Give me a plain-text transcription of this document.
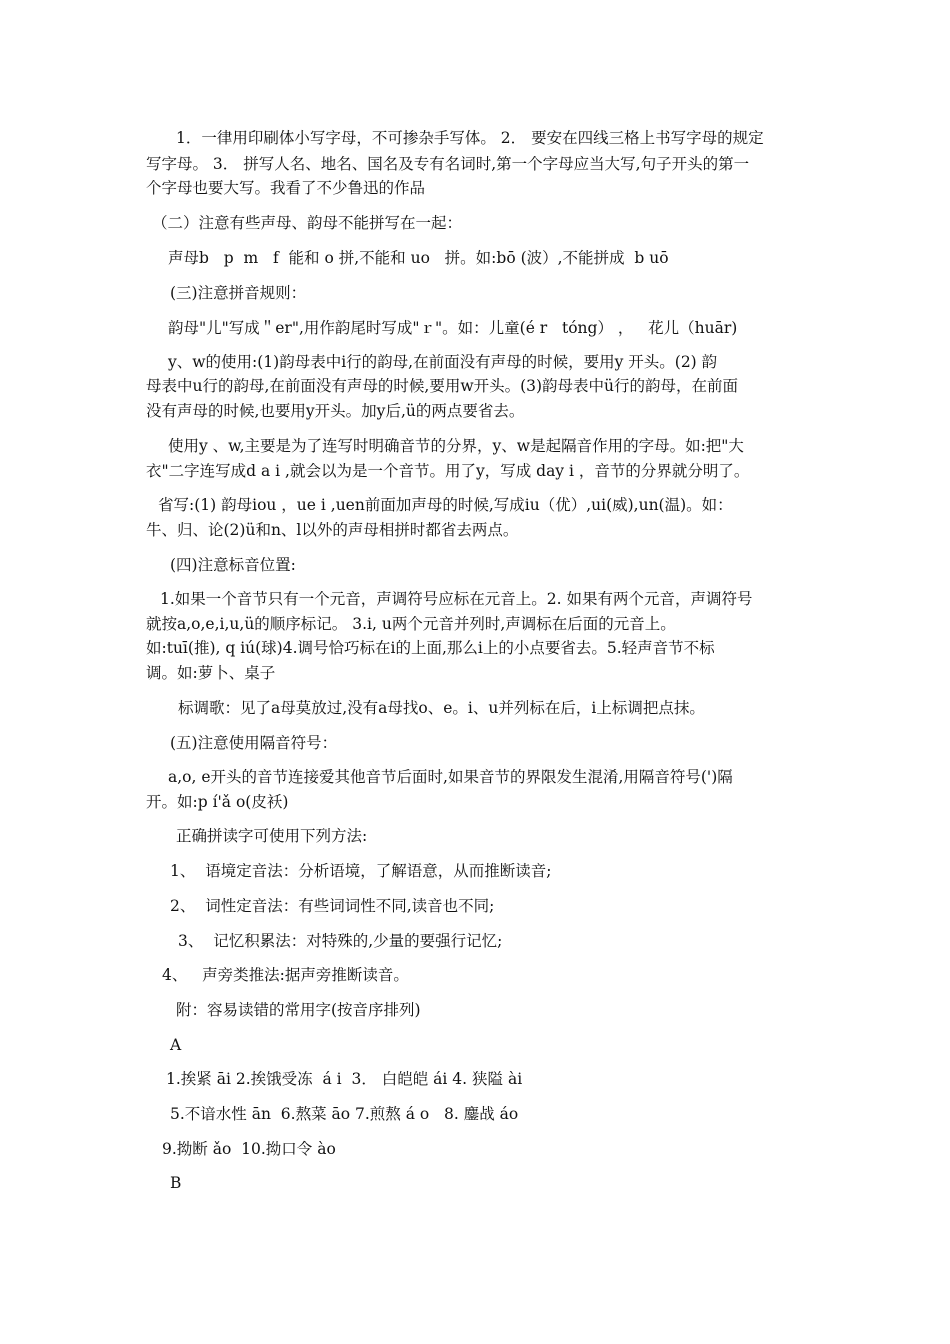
1．一律用印刷体小写字母，不可掺杂手写体。 2． 要安在四线三格上书写字母的规定
写字母。 3． 拼写人名、地名、国名及专有名词时,第一个字母应当大写,句子开头的第一
个字母也要大写。我看了不少鲁迅的作品
（二）注意有些声母、韵母不能拼写在一起：
声母b   p  m   f  能和 o 拼,不能和 uo   拼。如:bō (波）,不能拼成  b uō
(三)注意拼音规则：
韵母"儿"写成＂er",用作韵尾时写成"ｒ"。如：儿童(é r   tóng） ，   花儿（huār)
y、w的使用:(1)韵母表中i行的韵母,在前面没有声母的时候，要用y 开头。(2) 韵
母表中u行的韵母,在前面没有声母的时候,要用w开头。(3)韵母表中ü行的韵母，在前面
没有声母的时候,也要用y开头。加y后,ü的两点要省去。
使用y 、w,主要是为了连写时明确音节的分界，y、w是起隔音作用的字母。如:把"大
衣"二字连写成d a i ,就会以为是一个音节。用了y，写成 day i ，音节的分界就分明了。
省写:(1) 韵母iou ，ue i ,uen前面加声母的时候,写成iu（优）,ui(威),un(温)。如：
牛、归、论(2)ü和n、l以外的声母相拼时都省去两点。
(四)注意标音位置:
1.如果一个音节只有一个元音，声调符号应标在元音上。2. 如果有两个元音，声调符号
就按a,o,e,i,u,ü的顺序标记。 3.i, u两个元音并列时,声调标在后面的元音上。
如:tuī(推), q iú(球)4.调号恰巧标在i的上面,那么i上的小点要省去。5.轻声音节不标
调。如:萝卜、桌子
标调歌：见了a母莫放过,没有a母找o、e。i、u并列标在后，i上标调把点抹。
(五)注意使用隔音符号：
a,o, e开头的音节连接爱其他音节后面时,如果音节的界限发生混淆,用隔音符号(')隔
开。如:p í'ǎ o(皮袄)
正确拼读字可使用下列方法:
1、  语境定音法：分析语境，了解语意，从而推断读音;
2、  词性定音法：有些词词性不同,读音也不同;
3、  记忆积累法：对特殊的,少量的要强行记忆;
4、   声旁类推法:据声旁推断读音。
附：容易读错的常用字(按音序排列)
A
1.挨紧 āi 2.挨饿受冻  á i  3． 白皑皑 ái 4. 狭隘 ài
5.不谙水性 ān  6.熬菜 āo 7.煎熬 á o   8. 鏖战 áo
9.拗断 ǎo  10.拗口令 ào
B
